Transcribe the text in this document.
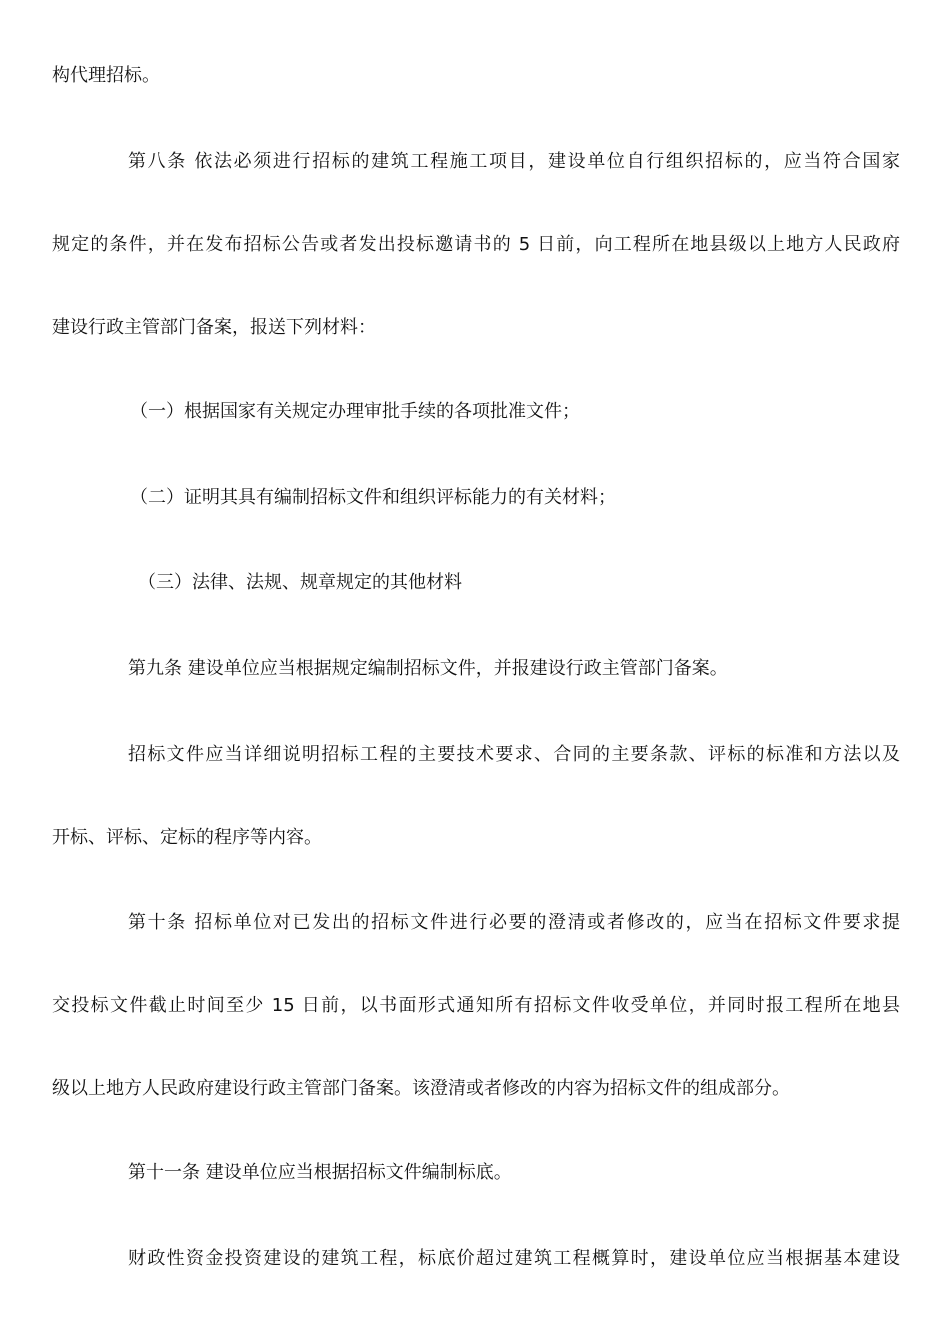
构代理招标。
第八条 依法必须进行招标的建筑工程施工项目，建设单位自行组织招标的，应当符合国家
规定的条件，并在发布招标公告或者发出投标邀请书的 5 日前，向工程所在地县级以上地方人民政府
建设行政主管部门备案，报送下列材料：
（一）根据国家有关规定办理审批手续的各项批准文件；
（二）证明其具有编制招标文件和组织评标能力的有关材料；
（三）法律、法规、规章规定的其他材料
第九条 建设单位应当根据规定编制招标文件，并报建设行政主管部门备案。
招标文件应当详细说明招标工程的主要技术要求、合同的主要条款、评标的标准和方法以及
开标、评标、定标的程序等内容。
第十条 招标单位对已发出的招标文件进行必要的澄清或者修改的，应当在招标文件要求提
交投标文件截止时间至少 15 日前，以书面形式通知所有招标文件收受单位，并同时报工程所在地县
级以上地方人民政府建设行政主管部门备案。该澄清或者修改的内容为招标文件的组成部分。
第十一条 建设单位应当根据招标文件编制标底。
财政性资金投资建设的建筑工程，标底价超过建筑工程概算时，建设单位应当根据基本建设
